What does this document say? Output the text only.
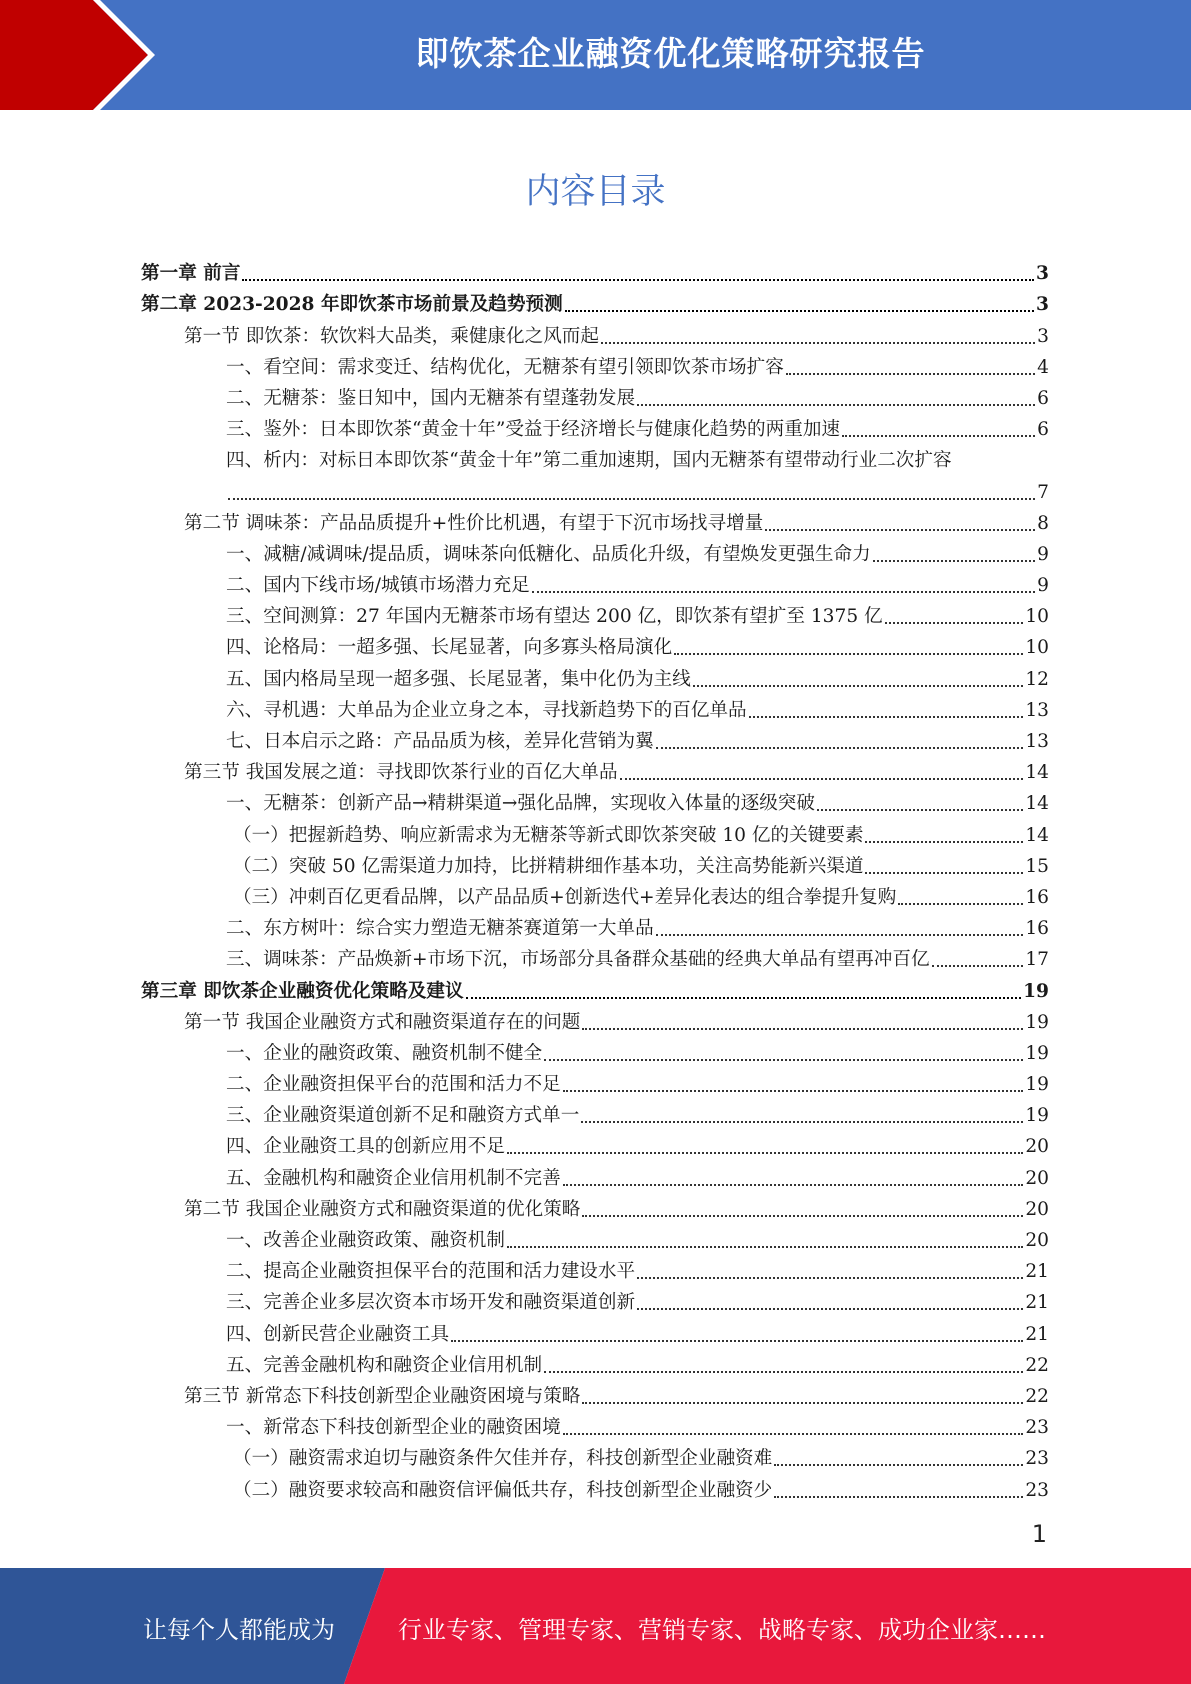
即饮茶企业融资优化策略研究报告
内容目录
第一章 前言	3
第二章 2023-2028 年即饮茶市场前景及趋势预测	3
第一节 即饮茶：软饮料大品类，乘健康化之风而起	3
一、看空间：需求变迁、结构优化，无糖茶有望引领即饮茶市场扩容	4
二、无糖茶：鉴日知中，国内无糖茶有望蓬勃发展	6
三、鉴外：日本即饮茶“黄金十年”受益于经济增长与健康化趋势的两重加速	6
四、析内：对标日本即饮茶“黄金十年”第二重加速期，国内无糖茶有望带动行业二次扩容
7
第二节 调味茶：产品品质提升+性价比机遇，有望于下沉市场找寻增量	8
一、减糖/减调味/提品质，调味茶向低糖化、品质化升级，有望焕发更强生命力	9
二、国内下线市场/城镇市场潜力充足	9
三、空间测算：27 年国内无糖茶市场有望达 200 亿，即饮茶有望扩至 1375 亿	10
四、论格局：一超多强、长尾显著，向多寡头格局演化	10
五、国内格局呈现一超多强、长尾显著，集中化仍为主线	12
六、寻机遇：大单品为企业立身之本，寻找新趋势下的百亿单品	13
七、日本启示之路：产品品质为核，差异化营销为翼	13
第三节 我国发展之道：寻找即饮茶行业的百亿大单品	14
一、无糖茶：创新产品→精耕渠道→强化品牌，实现收入体量的逐级突破	14
（一）把握新趋势、响应新需求为无糖茶等新式即饮茶突破 10 亿的关键要素	14
（二）突破 50 亿需渠道力加持，比拼精耕细作基本功，关注高势能新兴渠道	15
（三）冲刺百亿更看品牌，以产品品质+创新迭代+差异化表达的组合拳提升复购	16
二、东方树叶：综合实力塑造无糖茶赛道第一大单品	16
三、调味茶：产品焕新+市场下沉，市场部分具备群众基础的经典大单品有望再冲百亿	17
第三章 即饮茶企业融资优化策略及建议	19
第一节 我国企业融资方式和融资渠道存在的问题	19
一、企业的融资政策、融资机制不健全	19
二、企业融资担保平台的范围和活力不足	19
三、企业融资渠道创新不足和融资方式单一	19
四、企业融资工具的创新应用不足	20
五、金融机构和融资企业信用机制不完善	20
第二节 我国企业融资方式和融资渠道的优化策略	20
一、改善企业融资政策、融资机制	20
二、提高企业融资担保平台的范围和活力建设水平	21
三、完善企业多层次资本市场开发和融资渠道创新	21
四、创新民营企业融资工具	21
五、完善金融机构和融资企业信用机制	22
第三节 新常态下科技创新型企业融资困境与策略	22
一、新常态下科技创新型企业的融资困境	23
（一）融资需求迫切与融资条件欠佳并存，科技创新型企业融资难	23
（二）融资要求较高和融资信评偏低共存，科技创新型企业融资少	23
1
让每个人都能成为	行业专家、管理专家、营销专家、战略专家、成功企业家……
